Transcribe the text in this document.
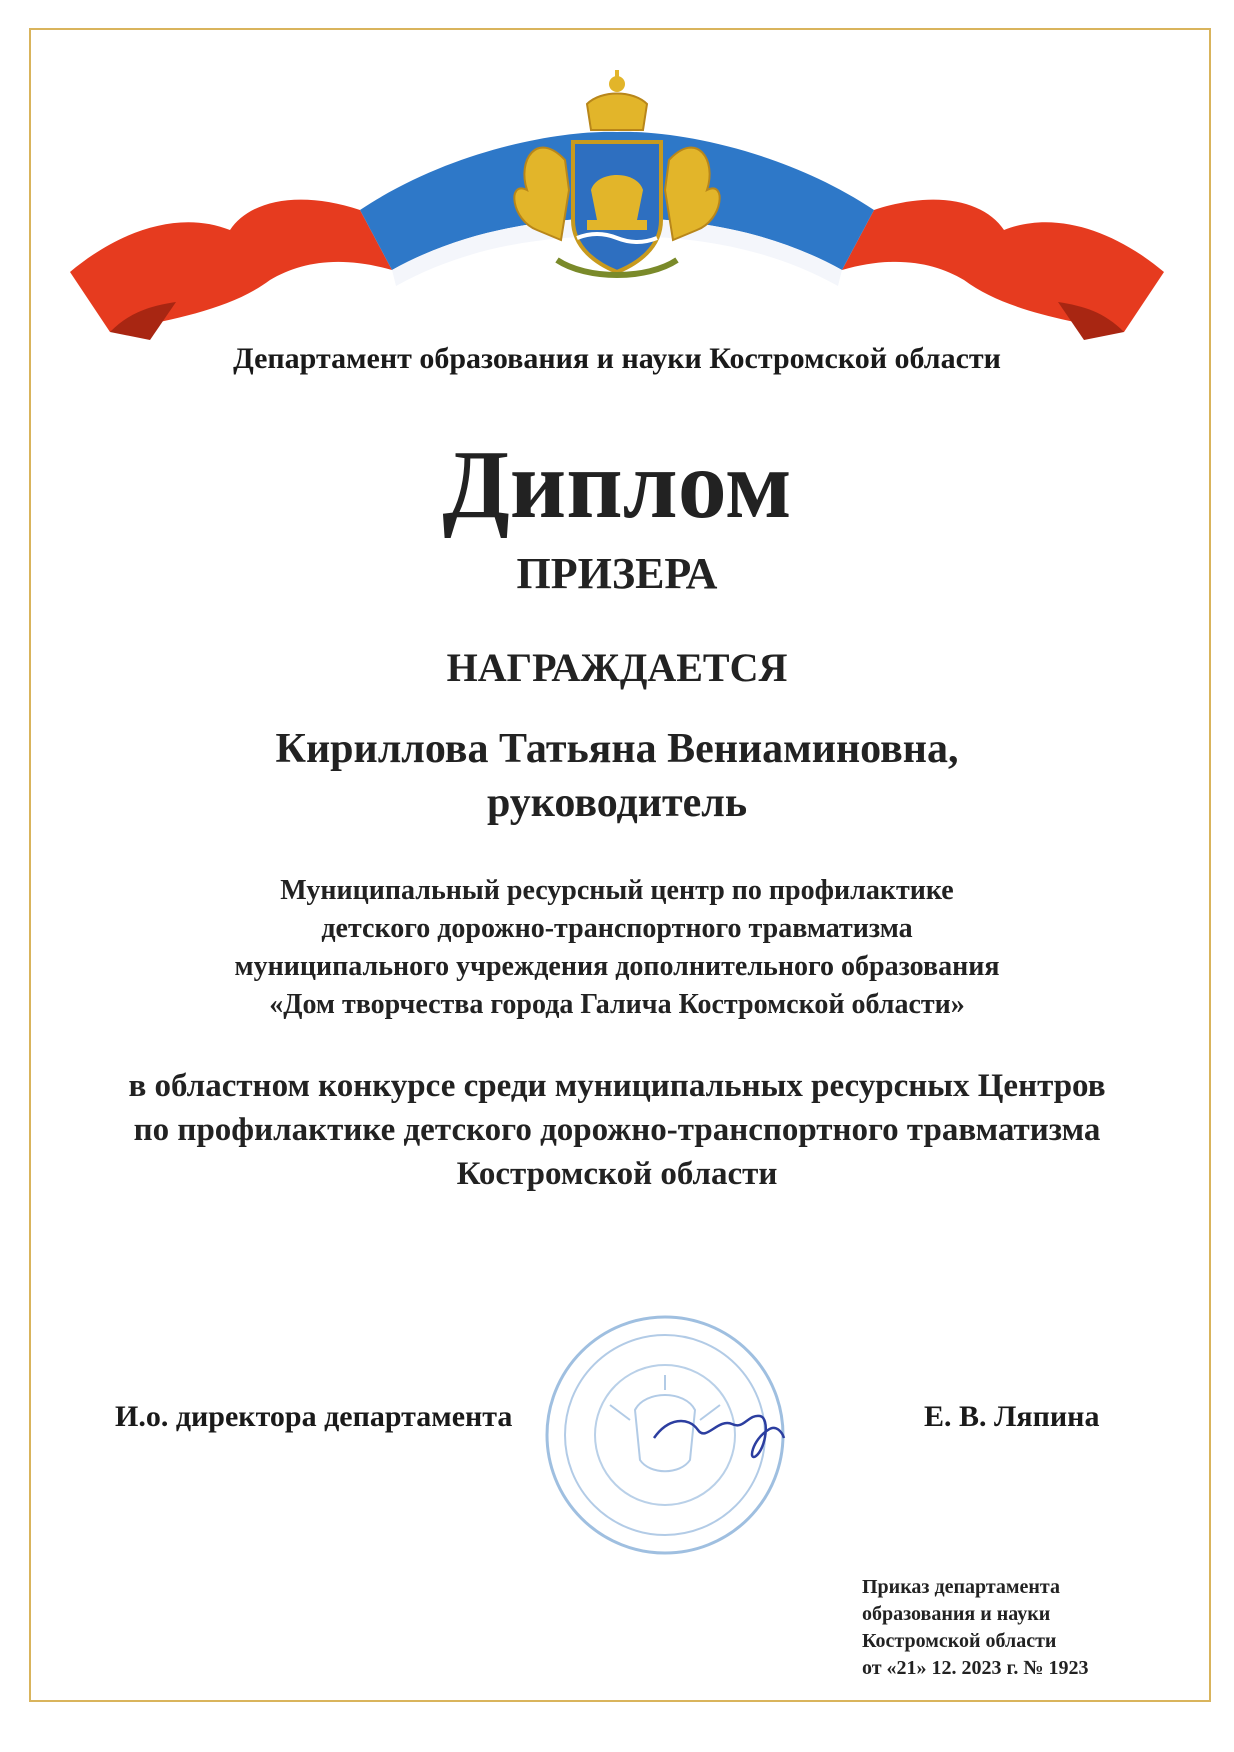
Департамент образования и науки Костромской области
Диплом
ПРИЗЕРА
НАГРАЖДАЕТСЯ
Кириллова Татьяна Вениаминовна,
руководитель
Муниципальный ресурсный центр по профилактике
детского дорожно-транспортного травматизма
муниципального учреждения дополнительного образования
«Дом творчества города Галича Костромской области»
в областном конкурсе среди муниципальных ресурсных Центров
по профилактике детского дорожно-транспортного травматизма
Костромской области
И.о. директора департамента	Е. В. Ляпина
Приказ департамента
образования и науки
Костромской области
от «21» 12. 2023 г. № 1923
